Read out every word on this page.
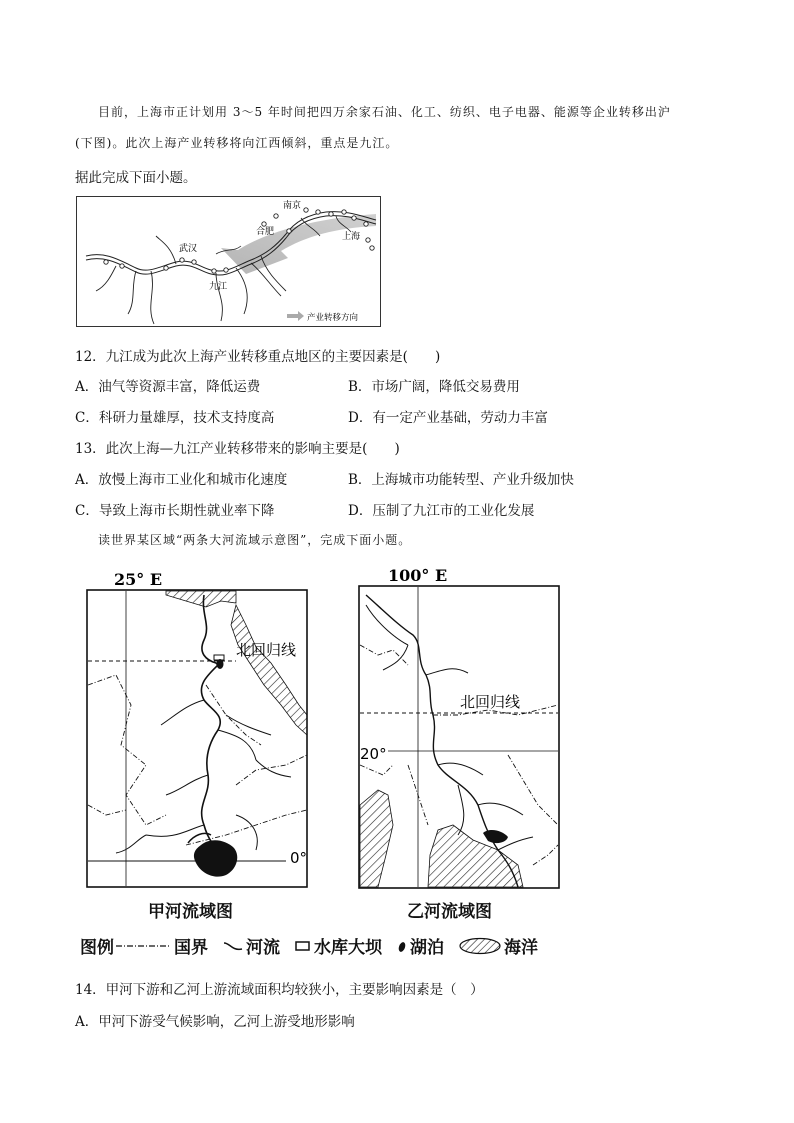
目前，上海市正计划用 3～5 年时间把四万余家石油、化工、纺织、电子电器、能源等企业转移出沪
(下图)。此次上海产业转移将向江西倾斜，重点是九江。
据此完成下面小题。
南京
合肥	上海
武汉
九江
产业转移方向
12．九江成为此次上海产业转移重点地区的主要因素是(　　)
A．油气等资源丰富，降低运费	B．市场广阔，降低交易费用
C．科研力量雄厚，技术支持度高	D．有一定产业基础，劳动力丰富
13．此次上海—九江产业转移带来的影响主要是(　　)
A．放慢上海市工业化和城市化速度	B．上海城市功能转型、产业升级加快
C．导致上海市长期性就业率下降	D．压制了九江市的工业化发展
读世界某区域“两条大河流域示意图”，完成下面小题。
25° E
北回归线
0°
100° E
北回归线
20°
甲河流域图	乙河流域图
图例	国界 河流 水库大坝 湖泊	海洋
14．甲河下游和乙河上游流域面积均较狭小，主要影响因素是（　）
A．甲河下游受气候影响，乙河上游受地形影响
